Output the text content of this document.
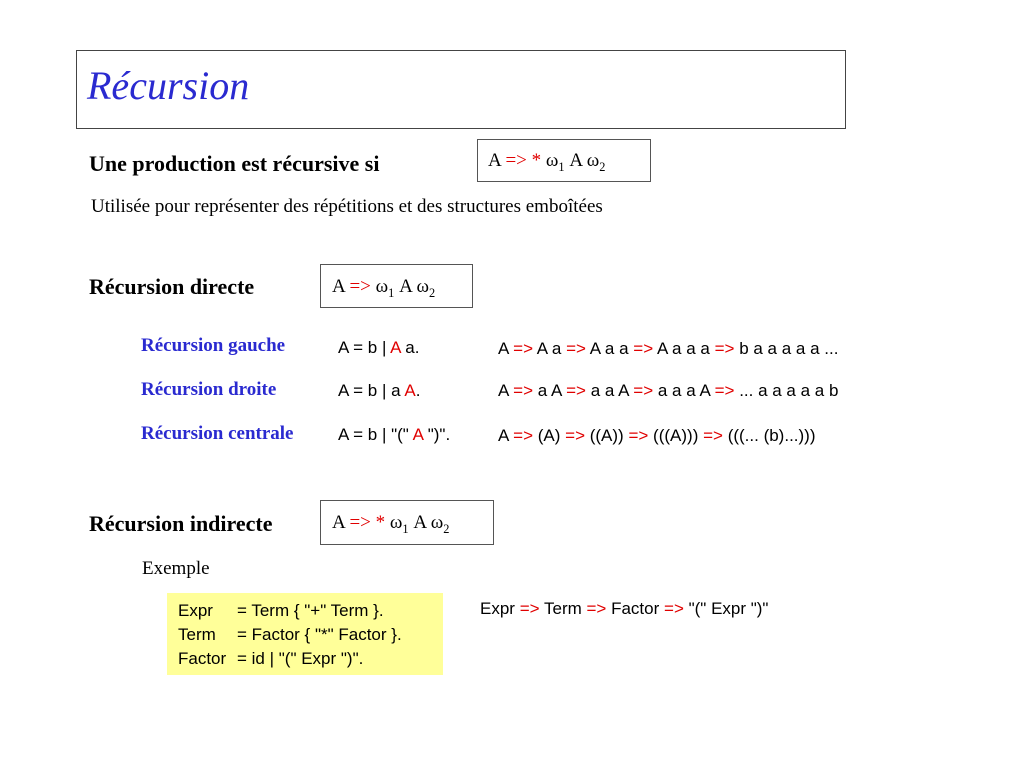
Récursion
Une production est récursive si	A => * $\omega_1$ A $\omega_2$
Utilisée pour représenter des répétitions et des structures emboîtées
Récursion directe	$A => \omega_1$ A $\omega_2$
Récursion gauche	A = b | A a.	A => A a => A a a => A a a a => b a a a a a ...
Récursion droite	A = b | a A.	A => a A => a a A => a a a A => ... a a a a a b
Récursion centrale	A = b | "(" A ")".	A => (A) => ((A)) => (((A))) => (((... (b)...)))
Récursion indirecte	A => * $\omega_1$ A $\omega_2$
Exemple
Expr = Term { "+" Term }.
Term = Factor { "*" Factor }.
Factor = id | "(" Expr ")".
Expr => Term => Factor => "(" Expr ")"
